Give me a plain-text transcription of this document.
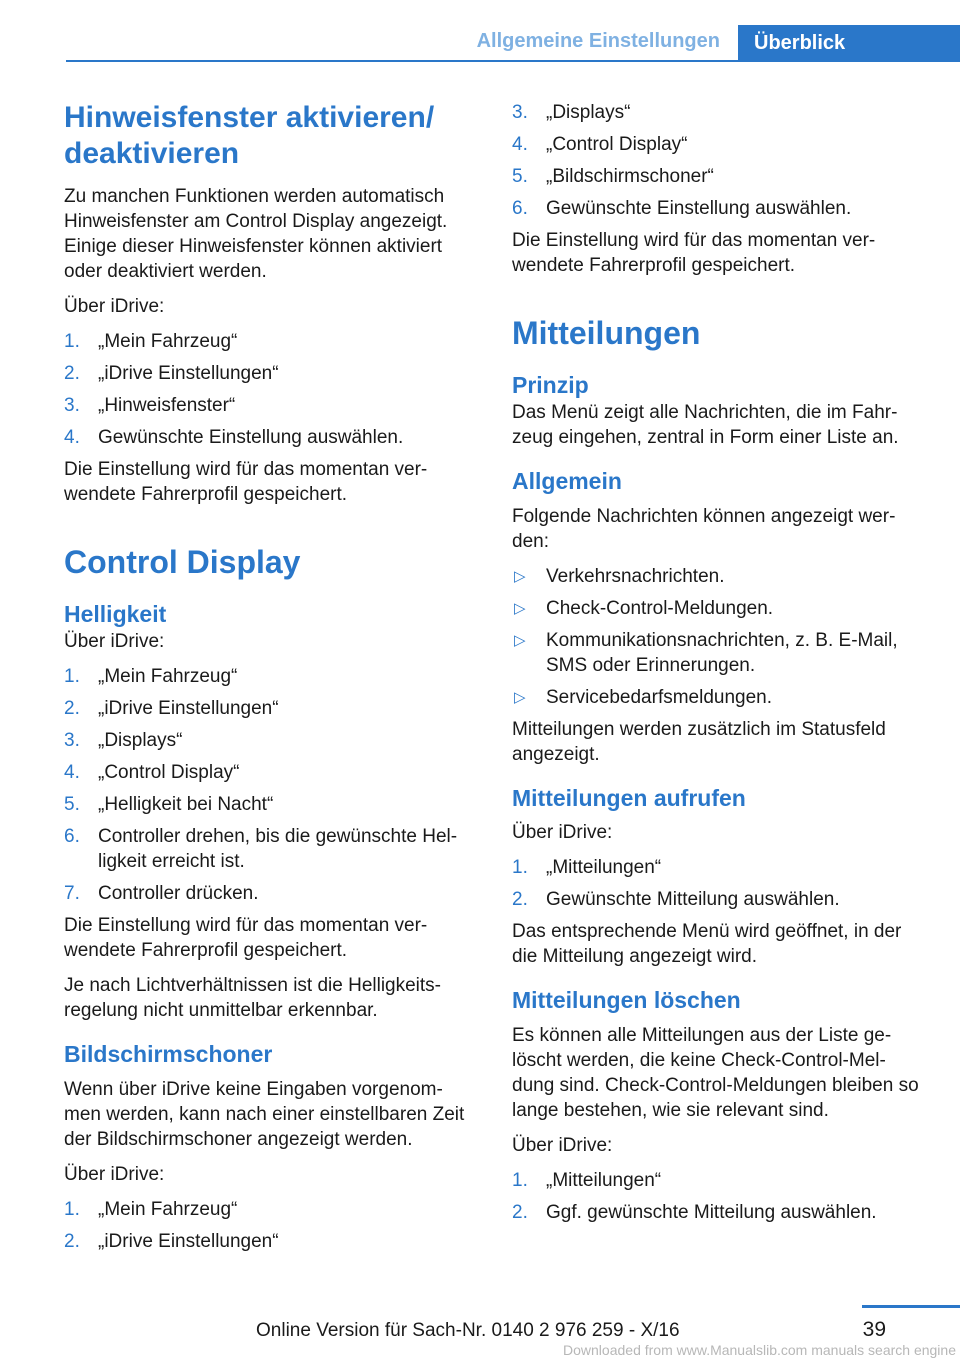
Allgemeine Einstellungen	Überblick
Hinweisfenster aktivieren/ deaktivieren

Zu manchen Funktionen werden automatisch Hinweisfenster am Control Display angezeigt. Einige dieser Hinweisfenster können aktiviert oder deaktiviert werden.

Über iDrive:

1. „Mein Fahrzeug“
2. „iDrive Einstellungen“
3. „Hinweisfenster“
4. Gewünschte Einstellung auswählen.

Die Einstellung wird für das momentan ver‐wendete Fahrerprofil gespeichert.

Control Display
Helligkeit

Über iDrive:

1. „Mein Fahrzeug“
2. „iDrive Einstellungen“
3. „Displays“
4. „Control Display“
5. „Helligkeit bei Nacht“
6. Controller drehen, bis die gewünschte Hel‐ligkeit erreicht ist.
7. Controller drücken.

Die Einstellung wird für das momentan ver‐wendete Fahrerprofil gespeichert.

Je nach Lichtverhältnissen ist die Helligkeits‐regelung nicht unmittelbar erkennbar.

Bildschirmschoner

Wenn über iDrive keine Eingaben vorgenom‐men werden, kann nach einer einstellbaren Zeit der Bildschirmschoner angezeigt werden.

Über iDrive:

1. „Mein Fahrzeug“
2. „iDrive Einstellungen“
3. „Displays“
4. „Control Display“
5. „Bildschirmschoner“
6. Gewünschte Einstellung auswählen.

Die Einstellung wird für das momentan ver‐wendete Fahrerprofil gespeichert.

Mitteilungen
Prinzip

Das Menü zeigt alle Nachrichten, die im Fahr‐zeug eingehen, zentral in Form einer Liste an.

Allgemein

Folgende Nachrichten können angezeigt wer‐den:

▷ Verkehrsnachrichten.
▷ Check-Control-Meldungen.
▷ Kommunikationsnachrichten, z. B. E-Mail, SMS oder Erinnerungen.
▷ Servicebedarfsmeldungen.

Mitteilungen werden zusätzlich im Statusfeld angezeigt.

Mitteilungen aufrufen

Über iDrive:

1. „Mitteilungen“
2. Gewünschte Mitteilung auswählen.

Das entsprechende Menü wird geöffnet, in der die Mitteilung angezeigt wird.

Mitteilungen löschen

Es können alle Mitteilungen aus der Liste ge‐löscht werden, die keine Check-Control-Mel‐dung sind. Check-Control-Meldungen bleiben so lange bestehen, wie sie relevant sind.

Über iDrive:

1. „Mitteilungen“
2. Ggf. gewünschte Mitteilung auswählen.
39
Online Version für Sach-Nr. 0140 2 976 259 - X/16
Downloaded from www.Manualslib.com manuals search engine
